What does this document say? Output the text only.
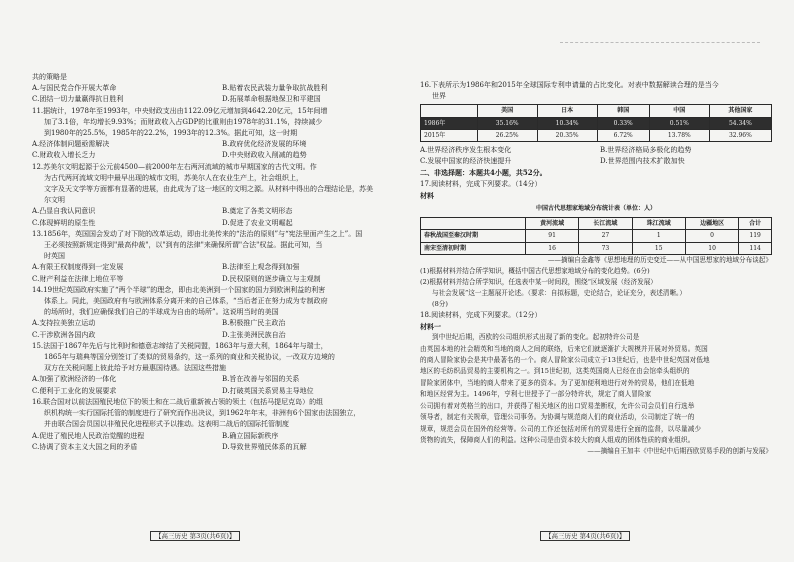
共的策略是
A.与国民党合作开展大革命	B.贴着农民武装力量争取抗战胜利
C.团结一切力量赢得抗日胜利	D.拓展革命根据地保卫和平建国
11.据统计，1978年至1993年，中央财政支出由1122.09亿元增加到4642.20亿元，15年间增
加了3.1倍，年均增长9.93%；而财政收入占GDP的比重则由1978年的31.1%，持续减少
到1980年的25.5%，1985年的22.2%，1993年的12.3%。据此可知，这一时期
A.经济体制问题亟需解决	B.政府优化经济发展的环境
C.财政收入增长乏力	D.中央财政收入削减的趋势
12.苏美尔文明起源于公元前4500—前2000年左右两河流域的城市早期国家的古代文明。作
为古代两河流域文明中最早出现的城市文明，苏美尔人在农业生产上，社会组织上，
文字及天文学等方面都有显著的进展，由此成为了这一地区的文明之源。从材料中得出的合理结论是，苏美
尔文明
A.凸显自我认同意识	B.奠定了各类文明形态
C.体现鲜明的原生性	D.促进了农业文明崛起
13.1856年，英国国会发动了对下院的改革运动，即由北美传来的“法治的原则”与“宪法里面产生之上”。国
王必须按照新规定得到"最高仲裁"，以"到有的法律"来确保所谓"合法"权益。据此可知，当
时英国
A.有限王权制度得到一定发展	B.法律至上观念得到加强
C.财产利益在法律上地位平等	D.民权原则的逐步确立与主观制
14.19世纪英国政府实施了“两个半球”的理念，即由北美洲到一个国家的国力到欧洲利益的利害
体系上。同此，美国政府有与欧洲体系分离开来的自己体系，“当后者正在努力成为专制政府
的场所时，我们应确保我们自己的半球成为自由的场所”。这说明当时的美国
A.支持拉美独立运动	B.积极推广民主政治
C.干涉欧洲各国内政	D.主张美洲民族自治
15.法国于1867年先后与比利时和德意志缔结了关税同盟，1863年与意大利，1864年与瑞士，
1865年与瑞典等国分别签订了类似的贸易条约，这一系列的商业和关税协议，一改双方边境的
双方在关税问题上彼此给予对方最惠国待遇。法国这些措施
A.加强了欧洲经济的一体化	B.旨在改善与邻国的关系
C.便利于工业化的发展要求	D.打破英国关系贸易主导地位
16.联合国对以前法国殖民地位下的领土和在二战后重新被占领的领土（包括马提尼克岛）的组
织机构统一实行国际托管的制度进行了研究而作出决议，到1962年年末，非洲有6个国家由法国独立，
并由联合国会员国以非殖民化进程形式予以推动。这表明二战后的国际托管制度
A.促进了殖民地人民政治觉醒的进程	B.确立国际新秩序
C.协调了资本主义大国之间的矛盾	D.导致世界殖民体系的瓦解
【高三历史 第3页(共6页)】
16.下表所示为1986年和2015年全球国际专利申请量的占比变化。对表中数据解读合理的是当今
世界
	美国	日本	韩国	中国	其他国家
1986年	35.16%	10.34%	0.33%	0.51%	54.34%
2015年	26.25%	20.35%	6.72%	13.78%	32.96%
A.世界经济秩序发生根本变化	B.世界经济格局多极化的趋势
C.发展中国家的经济快速提升	D.世界范围内技术扩散加快
二、非选择题：本题共4小题，共52分。
17.阅读材料，完成下列要求。（14分）
材料
中国古代思想家地域分布统计表（单位：人）
	黄河流域	长江流域	珠江流域	边疆地区	合计
春秋战国至秦汉时期	91	27	1	0	119
南宋至清初时期	16	73	15	10	114
——摘编自金鑫等《思想地理的历史变迁——从中国思想家的地域分布谈起》
(1)根据材料并结合所学知识，概括中国古代思想家地域分布的变化趋势。(6分)
(2)根据材料并结合所学知识，任选表中某一时间段，围绕“区域发展（经济发展）
与社会发展”这一主题展开论述。（要求：自拟标题，史论结合，论证充分，表述清晰。）
(8分)
18.阅读材料，完成下列要求。（12分）
材料一
到中世纪后期，西欧的公司组织形式出现了新的变化。起初特许公司是
由英国本地的社会精英和当地的商人之间的联络，后来它们就逐渐扩大规模并开展对外贸易。英国
的商人冒险家协会是其中最著名的一个。商人冒险家公司成立于13世纪后，也是中世纪英国对低地
地区的毛纺织品贸易的主要机构之一。到15世纪初，这类英国商人已经在由会馆牵头组织的
冒险家团体中，当地的商人带来了更多的资本。为了更加便利地进行对外的贸易，他们在低地
和地区经营为主。1496年，亨利七世授予了一部分特许状，规定了商人冒险家
公司拥有着对英格兰的出口，并获得了相关地区的出口贸易垄断权，允许公司会员们自行选举
领导者，制定有关规章，管理公司事务。为协调与规范商人们的商业活动，公司制定了统一的
规章，规范会员在国外的经营等。公司的工作还包括对所有的贸易进行全面的监督，以尽量减少
货物的流失，保障商人们的利益。这种公司是由资本较大的商人组成的团体性质的商业组织。
——摘编自王加丰《中世纪中后期西欧贸易手段的创新与发展》
【高三历史 第4页(共6页)】
